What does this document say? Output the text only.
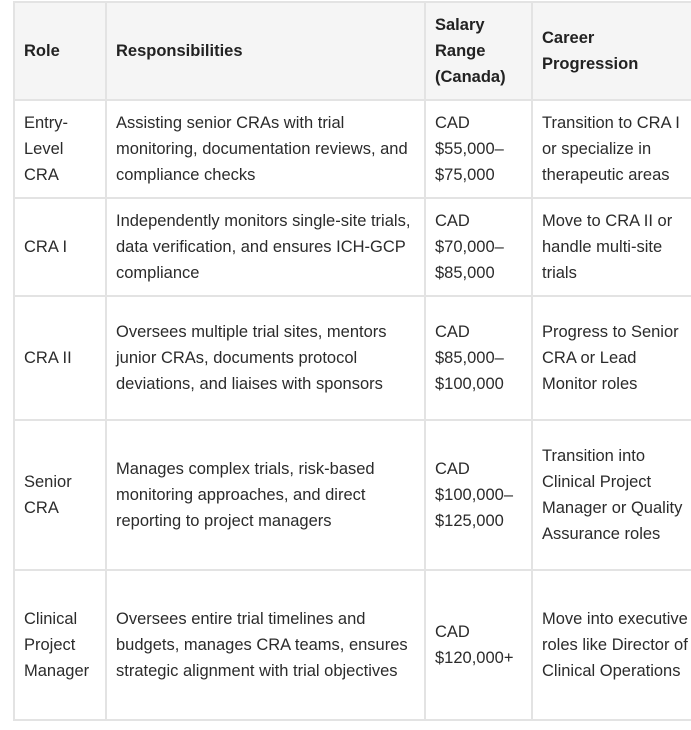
Role	Responsibilities	Salary Range (Canada)	Career Progression
Entry-Level CRA	Assisting senior CRAs with trial monitoring, documentation reviews, and compliance checks	CAD $55,000–$75,000	Transition to CRA I or specialize in therapeutic areas
CRA I	Independently monitors single-site trials, data verification, and ensures ICH-GCP compliance	CAD $70,000–$85,000	Move to CRA II or handle multi-site trials
CRA II	Oversees multiple trial sites, mentors junior CRAs, documents protocol deviations, and liaises with sponsors	CAD $85,000–$100,000	Progress to Senior CRA or Lead Monitor roles
Senior CRA	Manages complex trials, risk-based monitoring approaches, and direct reporting to project managers	CAD $100,000–$125,000	Transition into Clinical Project Manager or Quality Assurance roles
Clinical Project Manager	Oversees entire trial timelines and budgets, manages CRA teams, ensures strategic alignment with trial objectives	CAD $120,000+	Move into executive roles like Director of Clinical Operations
